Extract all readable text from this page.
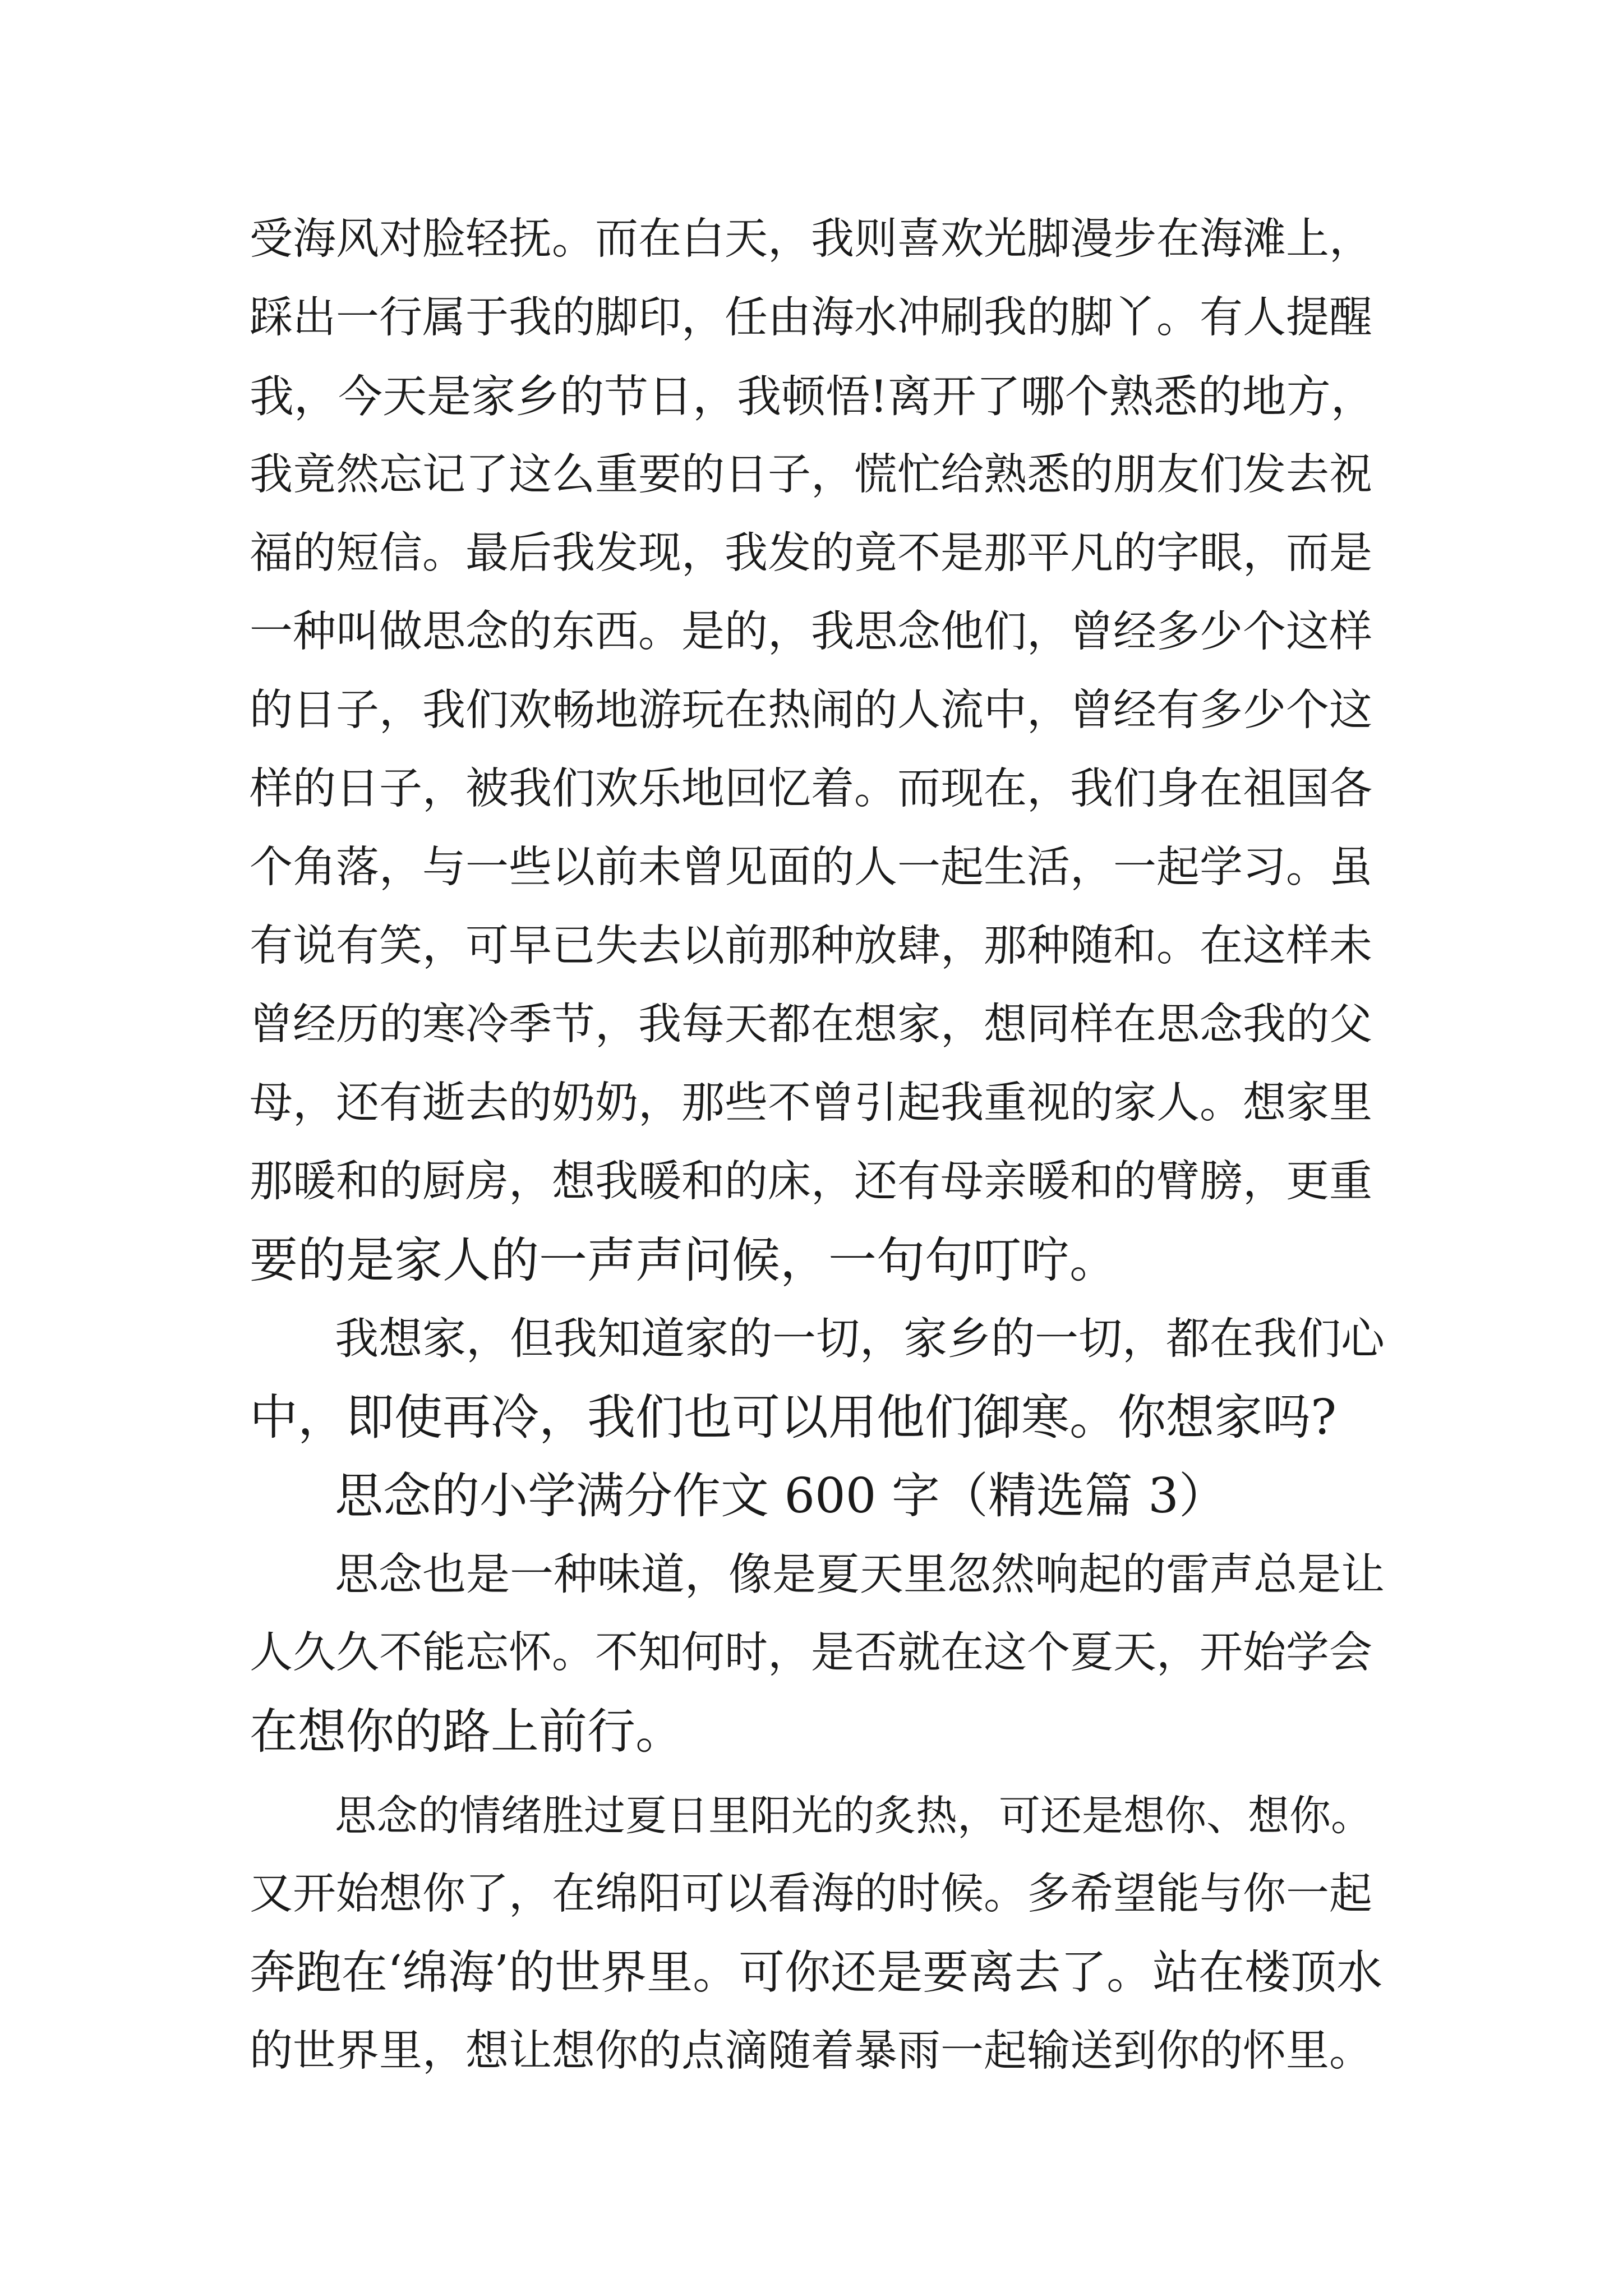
受海风对脸轻抚。而在白天，我则喜欢光脚漫步在海滩上，
踩出一行属于我的脚印，任由海水冲刷我的脚丫。有人提醒
我，今天是家乡的节日，我顿悟!离开了哪个熟悉的地方，
我竟然忘记了这么重要的日子，慌忙给熟悉的朋友们发去祝
福的短信。最后我发现，我发的竟不是那平凡的字眼，而是
一种叫做思念的东西。是的，我思念他们，曾经多少个这样
的日子，我们欢畅地游玩在热闹的人流中，曾经有多少个这
样的日子，被我们欢乐地回忆着。而现在，我们身在祖国各
个角落，与一些以前未曾见面的人一起生活，一起学习。虽
有说有笑，可早已失去以前那种放肆，那种随和。在这样未
曾经历的寒冷季节，我每天都在想家，想同样在思念我的父
母，还有逝去的奶奶，那些不曾引起我重视的家人。想家里
那暖和的厨房，想我暖和的床，还有母亲暖和的臂膀，更重
要的是家人的一声声问候，一句句叮咛。
我想家，但我知道家的一切，家乡的一切，都在我们心
中，即使再冷，我们也可以用他们御寒。你想家吗?
思念的小学满分作文 600 字（精选篇 3）
思念也是一种味道，像是夏天里忽然响起的雷声总是让
人久久不能忘怀。不知何时，是否就在这个夏天，开始学会
在想你的路上前行。
思念的情绪胜过夏日里阳光的炙热，可还是想你、想你。
又开始想你了，在绵阳可以看海的时候。多希望能与你一起
奔跑在‘绵海’的世界里。可你还是要离去了。站在楼顶水
的世界里，想让想你的点滴随着暴雨一起输送到你的怀里。
